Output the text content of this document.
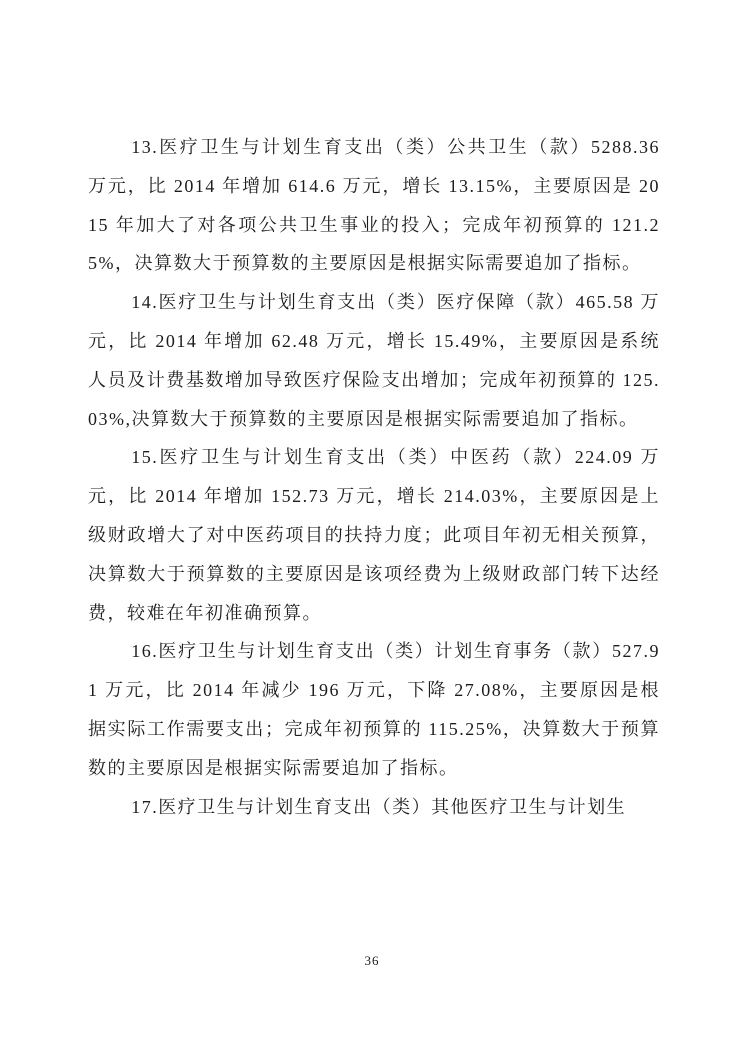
13.医疗卫生与计划生育支出（类）公共卫生（款）5288.36 万元，比 2014 年增加 614.6 万元，增长 13.15%，主要原因是 2015 年加大了对各项公共卫生事业的投入；完成年初预算的 121.25%，决算数大于预算数的主要原因是根据实际需要追加了指标。

14.医疗卫生与计划生育支出（类）医疗保障（款）465.58 万元，比 2014 年增加 62.48 万元，增长 15.49%，主要原因是系统人员及计费基数增加导致医疗保险支出增加；完成年初预算的 125.03%,决算数大于预算数的主要原因是根据实际需要追加了指标。

15.医疗卫生与计划生育支出（类）中医药（款）224.09 万元，比 2014 年增加 152.73 万元，增长 214.03%，主要原因是上级财政增大了对中医药项目的扶持力度；此项目年初无相关预算，决算数大于预算数的主要原因是该项经费为上级财政部门转下达经费，较难在年初准确预算。

16.医疗卫生与计划生育支出（类）计划生育事务（款）527.91 万元，比 2014 年减少 196 万元，下降 27.08%，主要原因是根据实际工作需要支出；完成年初预算的 115.25%，决算数大于预算数的主要原因是根据实际需要追加了指标。

17.医疗卫生与计划生育支出（类）其他医疗卫生与计划生

36
